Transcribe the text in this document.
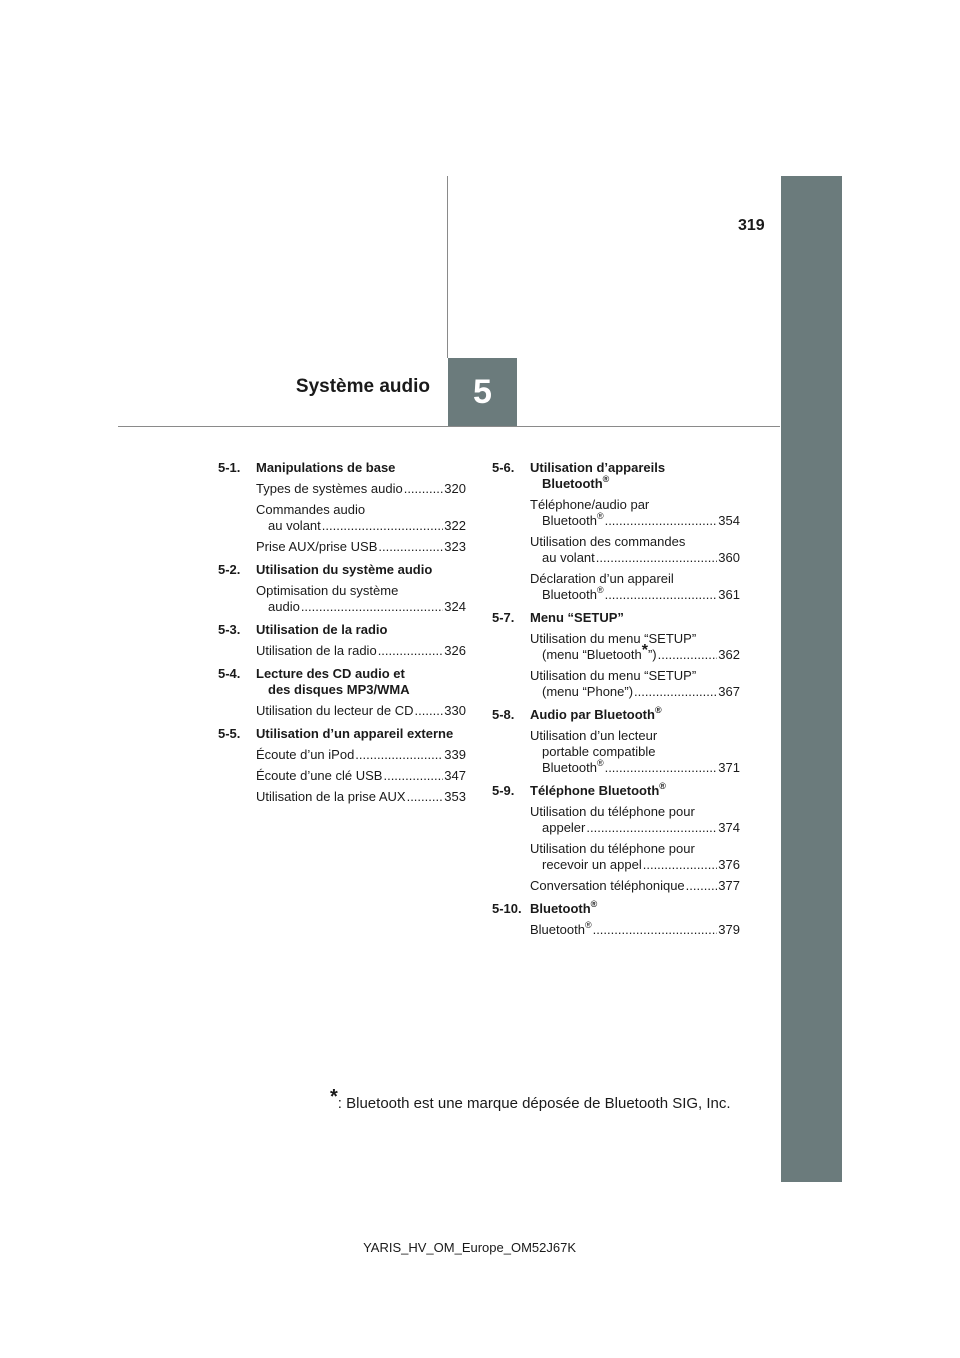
319
5
Système audio
5-1. Manipulations de base
Types de systèmes audio .....	320
Commandes audio
au volant .....	322
Prise AUX/prise USB .....	323
5-2. Utilisation du système audio
Optimisation du système
audio .....	324
5-3. Utilisation de la radio
Utilisation de la radio .....	326
5-4. Lecture des CD audio et
des disques MP3/WMA
Utilisation du lecteur de CD ..... 330
5-5. Utilisation d’un appareil externe
Écoute d’un iPod .....	339
Écoute d’une clé USB .....	347
Utilisation de la prise AUX .....	353
5-6. Utilisation d’appareils
Bluetooth®
Téléphone/audio par
Bluetooth® .....	354
Utilisation des commandes
au volant .....	360
Déclaration d’un appareil
Bluetooth® .....	361
5-7. Menu “SETUP”
Utilisation du menu “SETUP”
(menu “Bluetooth*”) .....	362
Utilisation du menu “SETUP”
(menu “Phone”) .....	367
5-8. Audio par Bluetooth®
Utilisation d’un lecteur
portable compatible
Bluetooth® .....	371
5-9. Téléphone Bluetooth®
Utilisation du téléphone pour
appeler .....	374
Utilisation du téléphone pour
recevoir un appel .....	376
Conversation téléphonique .....	377
5-10. Bluetooth®
Bluetooth® .....	379
*: Bluetooth est une marque déposée de Bluetooth SIG, Inc.
YARIS_HV_OM_Europe_OM52J67K
